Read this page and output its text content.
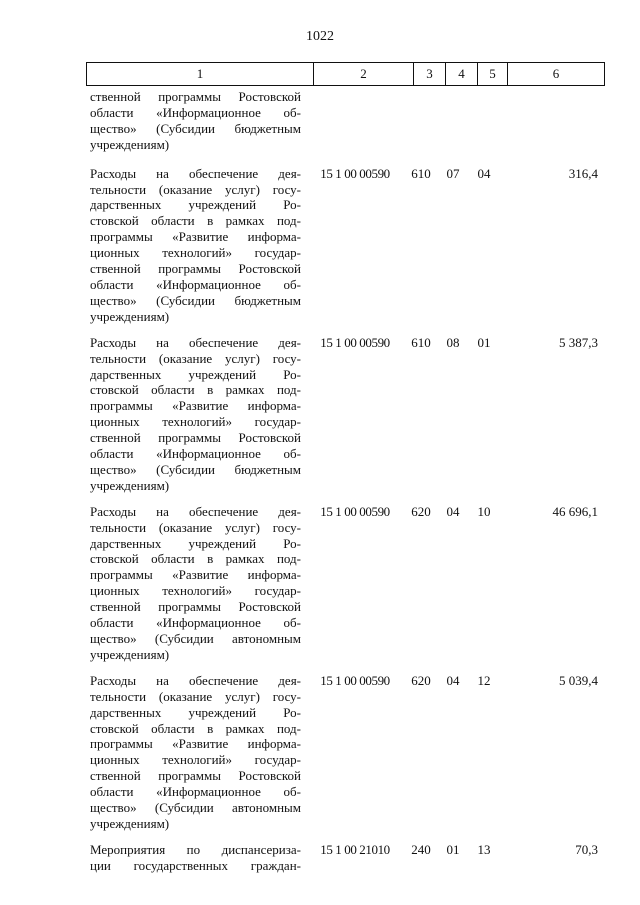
1022
1	2	3	4	5	6
ственной программы Ростовской
области «Информационное об-
щество» (Субсидии бюджетным
учреждениям)
Расходы на обеспечение дея-
тельности (оказание услуг) госу-
дарственных учреждений Ро-
стовской области в рамках под-
программы «Развитие информа-
ционных технологий» государ-
ственной программы Ростовской
области «Информационное об-
щество» (Субсидии бюджетным
учреждениям)
15 1 00 00590	610	07	04	316,4
Расходы на обеспечение дея-
тельности (оказание услуг) госу-
дарственных учреждений Ро-
стовской области в рамках под-
программы «Развитие информа-
ционных технологий» государ-
ственной программы Ростовской
области «Информационное об-
щество» (Субсидии бюджетным
учреждениям)
15 1 00 00590	610	08	01	5 387,3
Расходы на обеспечение дея-
тельности (оказание услуг) госу-
дарственных учреждений Ро-
стовской области в рамках под-
программы «Развитие информа-
ционных технологий» государ-
ственной программы Ростовской
области «Информационное об-
щество» (Субсидии автономным
учреждениям)
15 1 00 00590	620	04	10	46 696,1
Расходы на обеспечение дея-
тельности (оказание услуг) госу-
дарственных учреждений Ро-
стовской области в рамках под-
программы «Развитие информа-
ционных технологий» государ-
ственной программы Ростовской
области «Информационное об-
щество» (Субсидии автономным
учреждениям)
15 1 00 00590	620	04	12	5 039,4
Мероприятия по диспансериза-
ции государственных граждан-
15 1 00 21010	240	01	13	70,3
